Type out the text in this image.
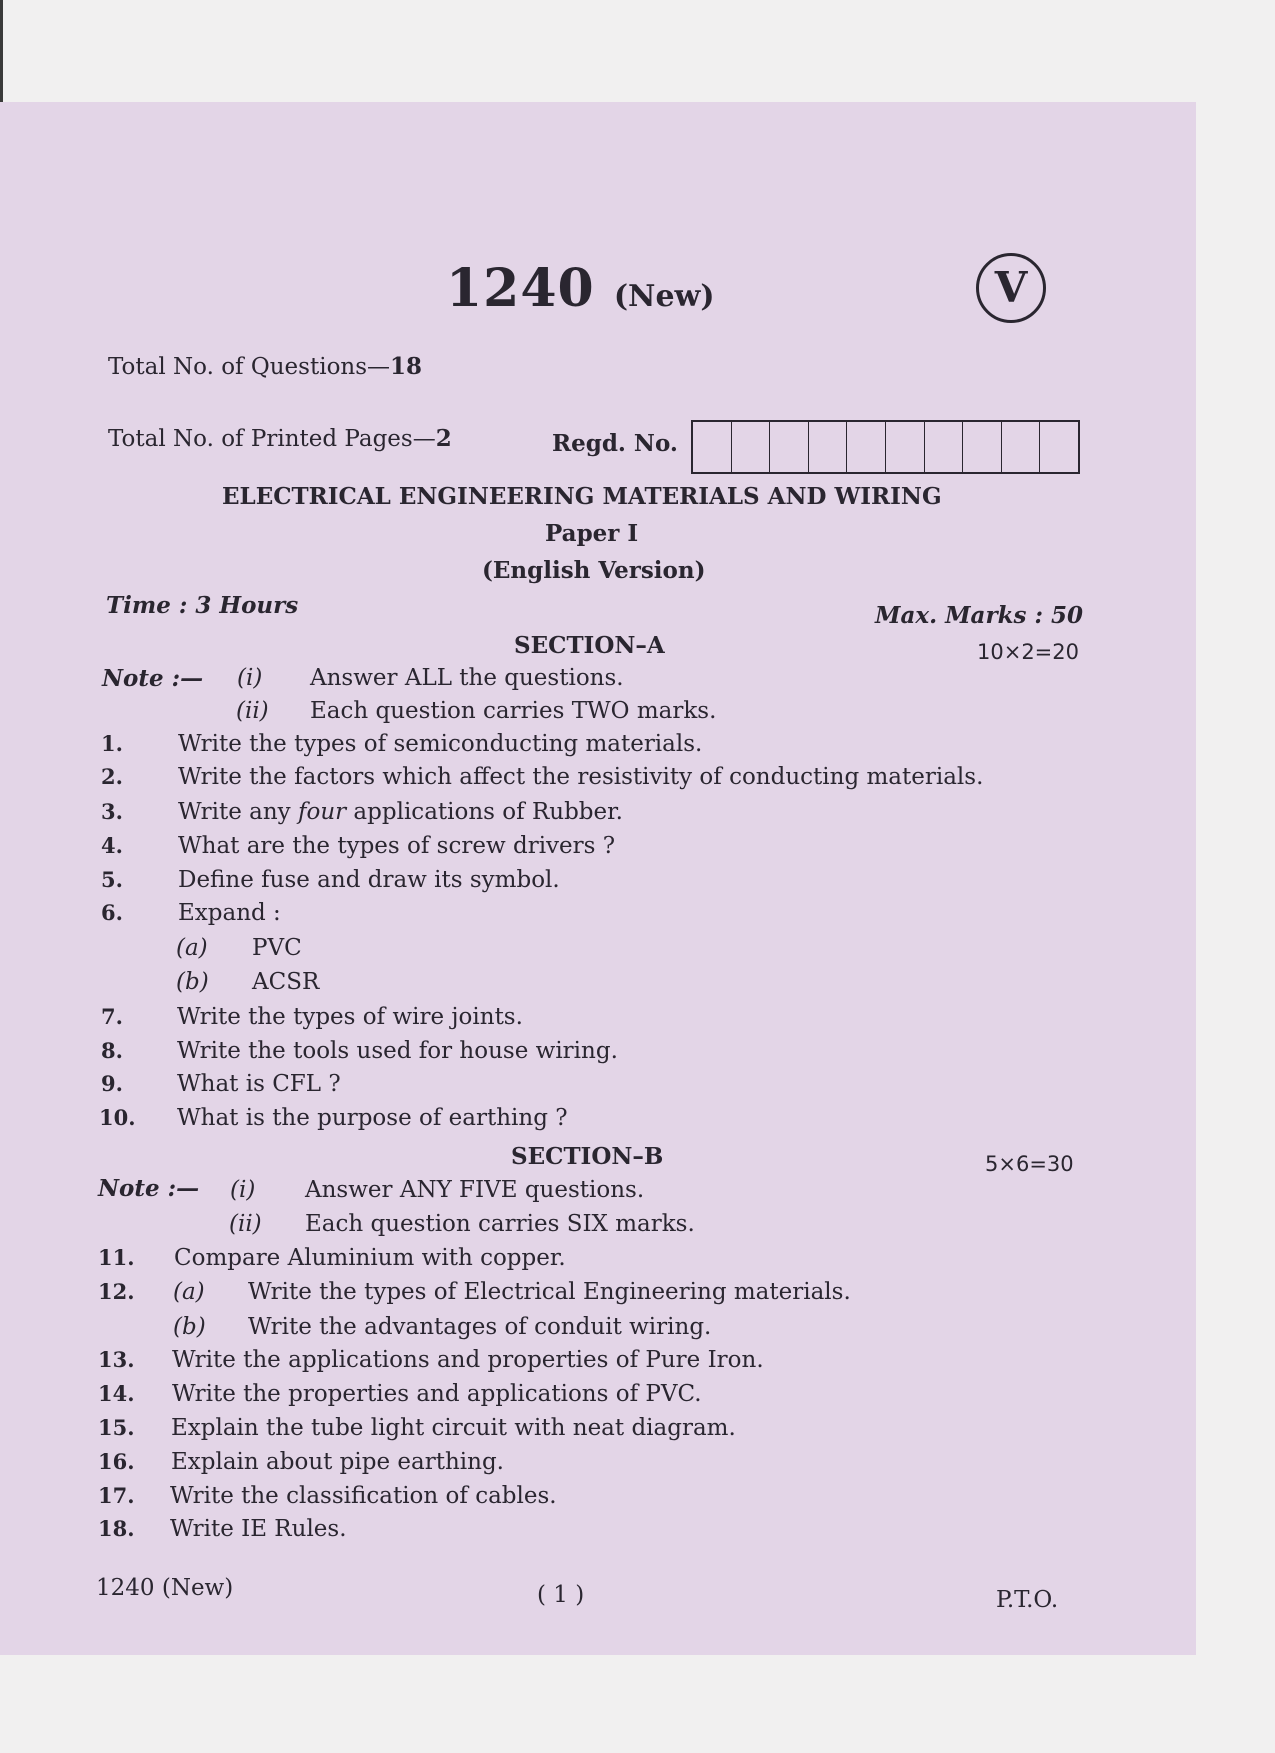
1240 (New)	V
Total No. of Questions—18
Total No. of Printed Pages—2	Regd. No.
ELECTRICAL ENGINEERING MATERIALS AND WIRING
Paper I
(English Version)
Time : 3 Hours	Max. Marks : 50
SECTION–A	10×2=20
Note :— (i) Answer ALL the questions.
(ii) Each question carries TWO marks.
1. Write the types of semiconducting materials.
2. Write the factors which affect the resistivity of conducting materials.
3. Write any four applications of Rubber.
4. What are the types of screw drivers ?
5. Define fuse and draw its symbol.
6. Expand :
(a) PVC
(b) ACSR
7. Write the types of wire joints.
8. Write the tools used for house wiring.
9. What is CFL ?
10. What is the purpose of earthing ?
SECTION–B	5×6=30
Note :— (i) Answer ANY FIVE questions.
(ii) Each question carries SIX marks.
11. Compare Aluminium with copper.
12. (a) Write the types of Electrical Engineering materials.
(b) Write the advantages of conduit wiring.
13. Write the applications and properties of Pure Iron.
14. Write the properties and applications of PVC.
15. Explain the tube light circuit with neat diagram.
16. Explain about pipe earthing.
17. Write the classification of cables.
18. Write IE Rules.
1240 (New)	( 1 )	P.T.O.
